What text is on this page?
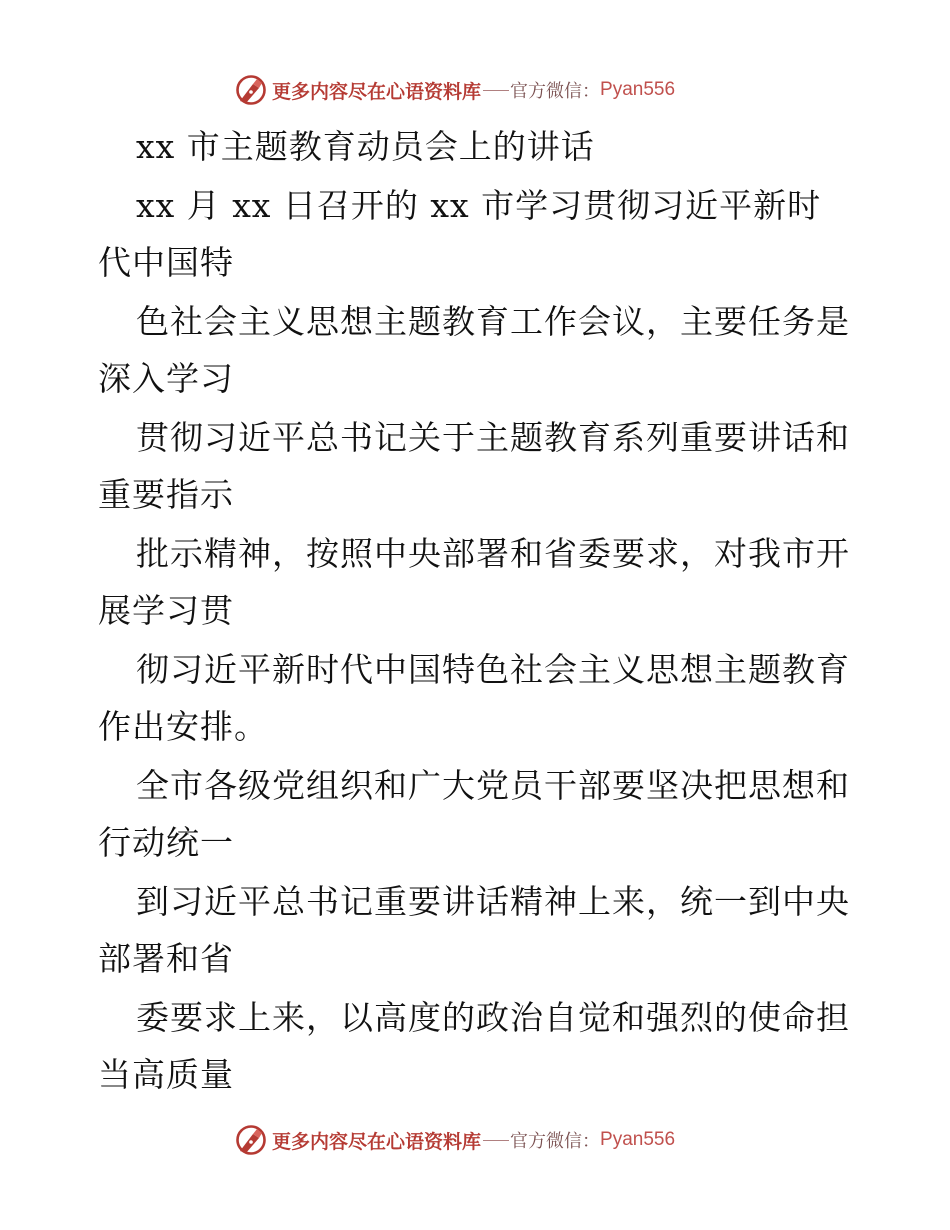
更多内容尽在心语资料库 官方微信： Pyan556
xx 市主题教育动员会上的讲话
xx 月 xx 日召开的 xx 市学习贯彻习近平新时
代中国特
色社会主义思想主题教育工作会议，主要任务是
深入学习
贯彻习近平总书记关于主题教育系列重要讲话和
重要指示
批示精神，按照中央部署和省委要求，对我市开
展学习贯
彻习近平新时代中国特色社会主义思想主题教育
作出安排。
全市各级党组织和广大党员干部要坚决把思想和
行动统一
到习近平总书记重要讲话精神上来，统一到中央
部署和省
委要求上来，以高度的政治自觉和强烈的使命担
当高质量
更多内容尽在心语资料库 官方微信： Pyan556
